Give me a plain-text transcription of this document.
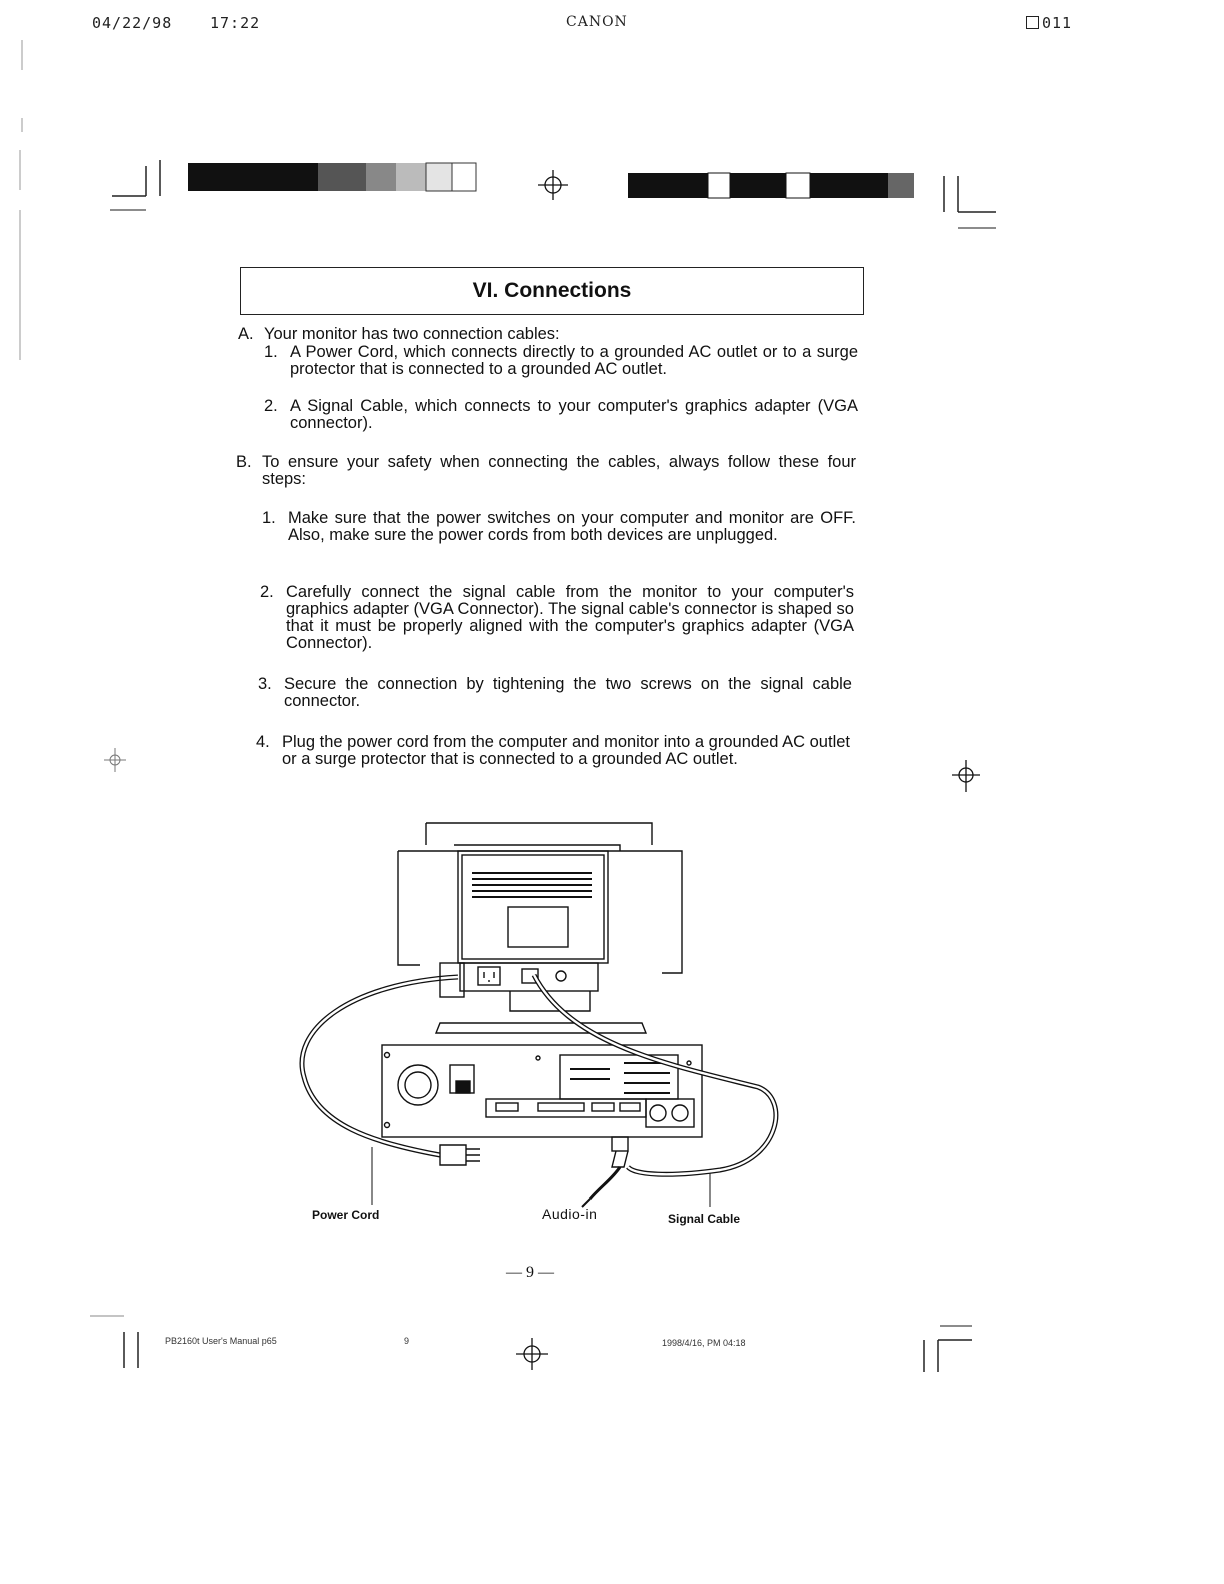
04/22/98	17:22	CANON	011
VI. Connections
A. Your monitor has two connection cables:
1. A Power Cord, which connects directly to a grounded AC outlet or to a surge protector that is connected to a grounded AC outlet.
2. A Signal Cable, which connects to your computer's graphics adapter (VGA connector).
B. To ensure your safety when connecting the cables, always follow these four steps:
1. Make sure that the power switches on your computer and monitor are OFF. Also, make sure the power cords from both devices are unplugged.
2. Carefully connect the signal cable from the monitor to your computer's graphics adapter (VGA Connector). The signal cable's connector is shaped so that it must be properly aligned with the computer's graphics adapter (VGA Connector).
3. Secure the connection by tightening the two screws on the signal cable connector.
4. Plug the power cord from the computer and monitor into a grounded AC outlet or a surge protector that is connected to a grounded AC outlet.
Power Cord	Audio-in	Signal Cable
— 9 —
PB2160t User's Manual p65	9	1998/4/16, PM 04:18
